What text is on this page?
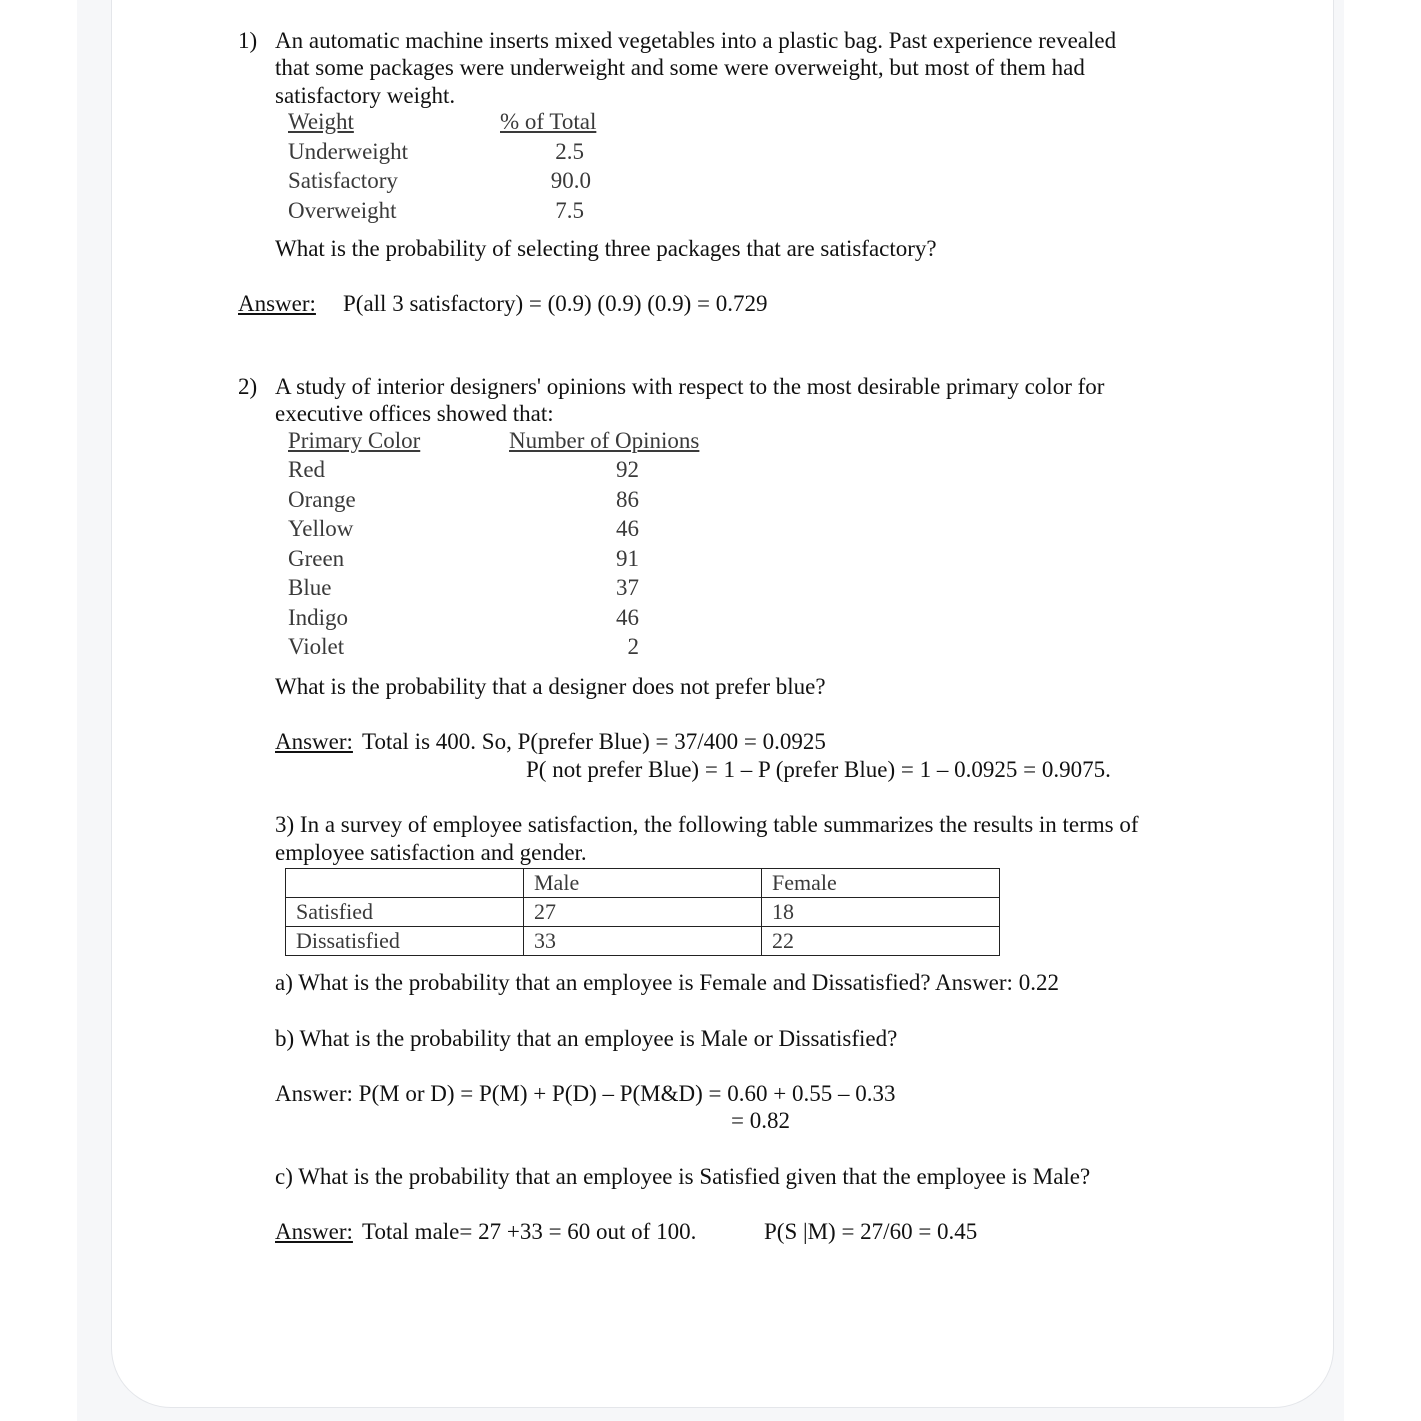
1) An automatic machine inserts mixed vegetables into a plastic bag. Past experience revealed
that some packages were underweight and some were overweight, but most of them had
satisfactory weight.
Weight	% of Total
Underweight	2.5
Satisfactory	90.0
Overweight	7.5
What is the probability of selecting three packages that are satisfactory?
Answer: P(all 3 satisfactory) = (0.9) (0.9) (0.9) = 0.729
2) A study of interior designers' opinions with respect to the most desirable primary color for
executive offices showed that:
Primary Color	Number of Opinions
Red	92
Orange	86
Yellow	46
Green	91
Blue	37
Indigo	46
Violet	2
What is the probability that a designer does not prefer blue?
Answer: Total is 400. So, P(prefer Blue) = 37/400 = 0.0925
P( not prefer Blue) = 1 – P (prefer Blue) = 1 – 0.0925 = 0.9075.
3) In a survey of employee satisfaction, the following table summarizes the results in terms of
employee satisfaction and gender.
	Male	Female
Satisfied	27	18
Dissatisfied	33	22
a) What is the probability that an employee is Female and Dissatisfied? Answer: 0.22
b) What is the probability that an employee is Male or Dissatisfied?
Answer: P(M or D) = P(M) + P(D) – P(M&D) = 0.60 + 0.55 – 0.33
= 0.82
c) What is the probability that an employee is Satisfied given that the employee is Male?
Answer: Total male= 27 +33 = 60 out of 100.	P(S |M) = 27/60 = 0.45
